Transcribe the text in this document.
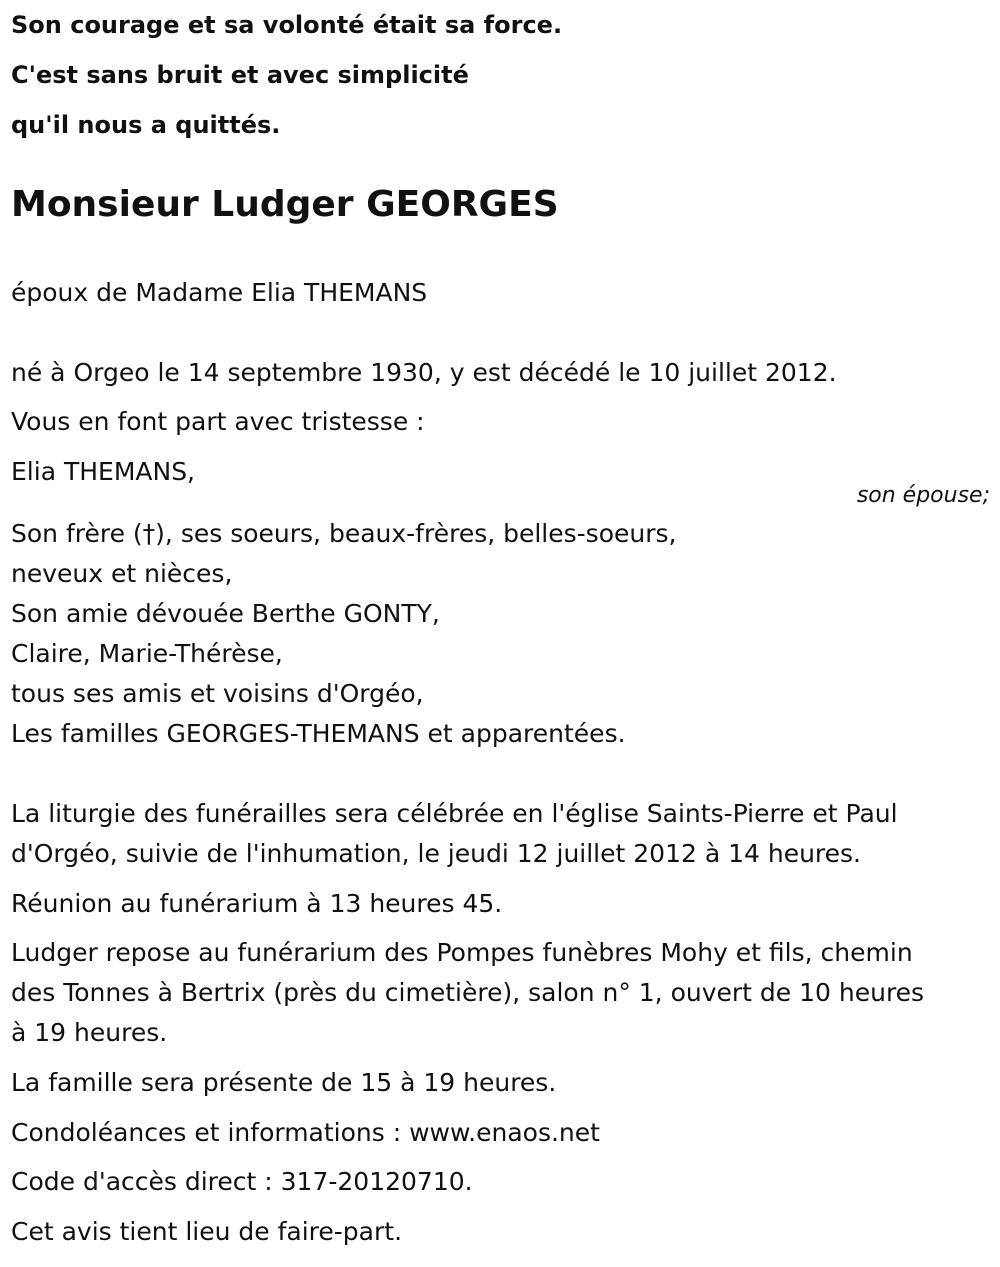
Son courage et sa volonté était sa force.
C'est sans bruit et avec simplicité
qu'il nous a quittés.
Monsieur Ludger GEORGES
époux de Madame Elia THEMANS
né à Orgeo le 14 septembre 1930, y est décédé le 10 juillet 2012.
Vous en font part avec tristesse :
Elia THEMANS,
son épouse;
Son frère (†), ses soeurs, beaux-frères, belles-soeurs,
neveux et nièces,
Son amie dévouée Berthe GONTY,
Claire, Marie-Thérèse,
tous ses amis et voisins d'Orgéo,
Les familles GEORGES-THEMANS et apparentées.
La liturgie des funérailles sera célébrée en l'église Saints-Pierre et Paul
d'Orgéo, suivie de l'inhumation, le jeudi 12 juillet 2012 à 14 heures.
Réunion au funérarium à 13 heures 45.
Ludger repose au funérarium des Pompes funèbres Mohy et fils, chemin
des Tonnes à Bertrix (près du cimetière), salon n° 1, ouvert de 10 heures
à 19 heures.
La famille sera présente de 15 à 19 heures.
Condoléances et informations : www.enaos.net
Code d'accès direct : 317-20120710.
Cet avis tient lieu de faire-part.
